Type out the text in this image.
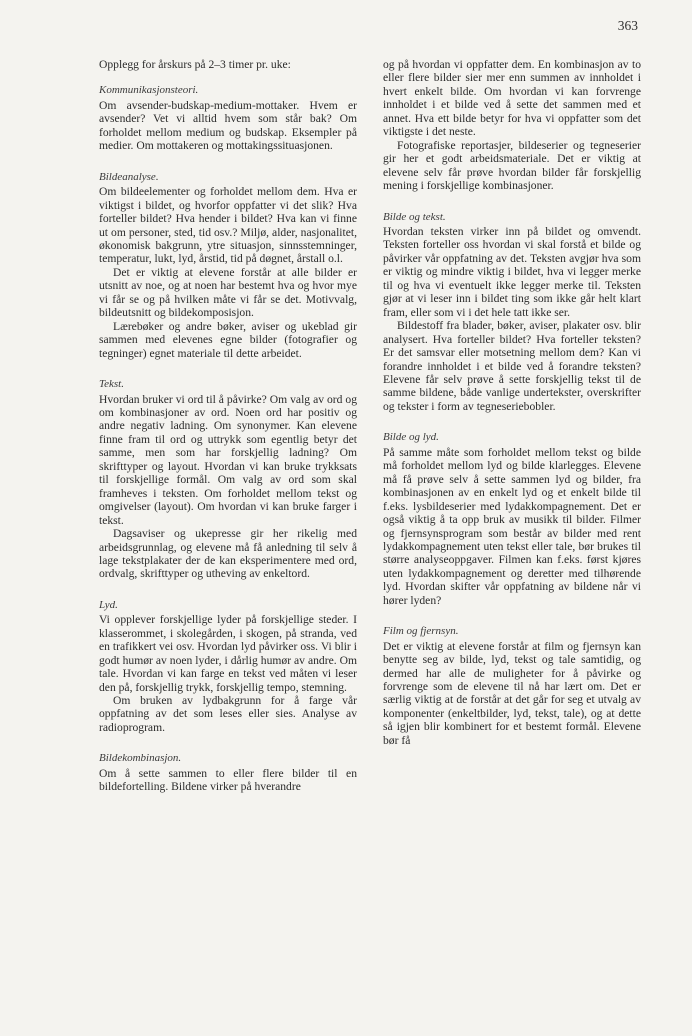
363

Opplegg for årskurs på 2–3 timer pr. uke:

Kommunikasjonsteori.

Om avsender-budskap-medium-mottaker. Hvem er avsender? Vet vi alltid hvem som står bak? Om forholdet mellom medium og budskap. Eksempler på medier. Om mottakeren og mottakingssituasjonen.

Bildeanalyse.

Om bildeelementer og forholdet mellom dem. Hva er viktigst i bildet, og hvorfor oppfatter vi det slik? Hva forteller bildet? Hva hender i bildet? Hva kan vi finne ut om personer, sted, tid osv.? Miljø, alder, nasjonalitet, økonomisk bakgrunn, ytre situasjon, sinnsstemninger, temperatur, lukt, lyd, årstid, tid på døgnet, årstall o.l.

Det er viktig at elevene forstår at alle bilder er utsnitt av noe, og at noen har bestemt hva og hvor mye vi får se og på hvilken måte vi får se det. Motivvalg, bildeutsnitt og bildekomposisjon.

Lærebøker og andre bøker, aviser og ukeblad gir sammen med elevenes egne bilder (fotografier og tegninger) egnet materiale til dette arbeidet.

Tekst.

Hvordan bruker vi ord til å påvirke? Om valg av ord og om kombinasjoner av ord. Noen ord har positiv og andre negativ ladning. Om synonymer. Kan elevene finne fram til ord og uttrykk som egentlig betyr det samme, men som har forskjellig ladning? Om skrifttyper og layout. Hvordan vi kan bruke trykksats til forskjellige formål. Om valg av ord som skal framheves i teksten. Om forholdet mellom tekst og omgivelser (layout). Om hvordan vi kan bruke farger i tekst.

Dagsaviser og ukepresse gir her rikelig med arbeidsgrunnlag, og elevene må få anledning til selv å lage tekstplakater der de kan eksperimentere med ord, ordvalg, skrifttyper og utheving av enkeltord.

Lyd.

Vi opplever forskjellige lyder på forskjellige steder. I klasserommet, i skolegården, i skogen, på stranda, ved en trafikkert vei osv. Hvordan lyd påvirker oss. Vi blir i godt humør av noen lyder, i dårlig humør av andre. Om tale. Hvordan vi kan farge en tekst ved måten vi leser den på, forskjellig trykk, forskjellig tempo, stemning.

Om bruken av lydbakgrunn for å farge vår oppfatning av det som leses eller sies. Analyse av radioprogram.

Bildekombinasjon.

Om å sette sammen to eller flere bilder til en bildefortelling. Bildene virker på hverandre

og på hvordan vi oppfatter dem. En kombinasjon av to eller flere bilder sier mer enn summen av innholdet i hvert enkelt bilde. Om hvordan vi kan forvrenge innholdet i et bilde ved å sette det sammen med et annet. Hva ett bilde betyr for hva vi oppfatter som det viktigste i det neste.

Fotografiske reportasjer, bildeserier og tegneserier gir her et godt arbeidsmateriale. Det er viktig at elevene selv får prøve hvordan bilder får forskjellig mening i forskjellige kombinasjoner.

Bilde og tekst.

Hvordan teksten virker inn på bildet og omvendt. Teksten forteller oss hvordan vi skal forstå et bilde og påvirker vår oppfatning av det. Teksten avgjør hva som er viktig og mindre viktig i bildet, hva vi legger merke til og hva vi eventuelt ikke legger merke til. Teksten gjør at vi leser inn i bildet ting som ikke går helt klart fram, eller som vi i det hele tatt ikke ser.

Bildestoff fra blader, bøker, aviser, plakater osv. blir analysert. Hva forteller bildet? Hva forteller teksten? Er det samsvar eller motsetning mellom dem? Kan vi forandre innholdet i et bilde ved å forandre teksten? Elevene får selv prøve å sette forskjellig tekst til de samme bildene, både vanlige undertekster, overskrifter og tekster i form av tegneseriebobler.

Bilde og lyd.

På samme måte som forholdet mellom tekst og bilde må forholdet mellom lyd og bilde klarlegges. Elevene må få prøve selv å sette sammen lyd og bilder, fra kombinasjonen av en enkelt lyd og et enkelt bilde til f.eks. lysbildeserier med lydakkompagnement. Det er også viktig å ta opp bruk av musikk til bilder. Filmer og fjernsynsprogram som består av bilder med rent lydakkompagnement uten tekst eller tale, bør brukes til større analyseoppgaver. Filmen kan f.eks. først kjøres uten lydakkompagnement og deretter med tilhørende lyd. Hvordan skifter vår oppfatning av bildene når vi hører lyden?

Film og fjernsyn.

Det er viktig at elevene forstår at film og fjernsyn kan benytte seg av bilde, lyd, tekst og tale samtidig, og dermed har alle de muligheter for å påvirke og forvrenge som de elevene til nå har lært om. Det er særlig viktig at de forstår at det går for seg et utvalg av komponenter (enkeltbilder, lyd, tekst, tale), og at dette så igjen blir kombinert for et bestemt formål. Elevene bør få
